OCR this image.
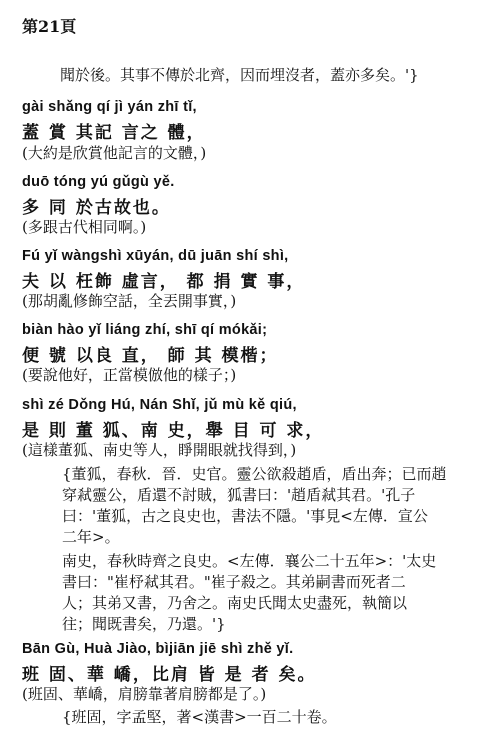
第21頁
聞於後。其事不傳於北齊，因而埋沒者，蓋亦多矣。'}
gài shǎng qí jì yán zhī tǐ,
蓋 賞 其記 言之 體，
(大約是欣賞他記言的文體，)
duō tóng yú gǔgù yě.
多 同 於古故也。
(多跟古代相同啊。)
Fú yǐ wàngshì xūyán, dū juān shí shì,
夫 以 枉飾 虛言， 都 捐 實 事，
(那胡亂修飾空話，全丟開事實，)
biàn hào yǐ liáng zhí, shī qí mókǎi;
便 號 以良 直， 師 其 模楷；
(要說他好，正當模倣他的樣子；)
shì zé Dǒng Hú, Nán Shǐ, jǔ mù kě qiú,
是 則 董 狐、南 史，舉 目 可 求，
(這樣董狐、南史等人，睜開眼就找得到，)
{董狐，春秋．晉．史官。靈公欲殺趙盾，盾出奔；已而趙
穿弒靈公，盾還不討賊，狐書曰：'趙盾弒其君。'孔子
曰：'董狐，古之良史也，書法不隱。'事見<左傳．宣公
二年>。
南史，春秋時齊之良史。<左傳．襄公二十五年>：'太史
書曰："崔杼弒其君。"崔子殺之。其弟嗣書而死者二
人；其弟又書，乃舍之。南史氏聞太史盡死，執簡以
往；聞既書矣，乃還。'}
Bān Gù, Huà Jiào, bìjiān jiē shì zhě yǐ.
班 固、華 嶠，比肩 皆 是 者 矣。
(班固、華嶠，肩膀靠著肩膀都是了。)
{班固，字孟堅，著<漢書>一百二十卷。
